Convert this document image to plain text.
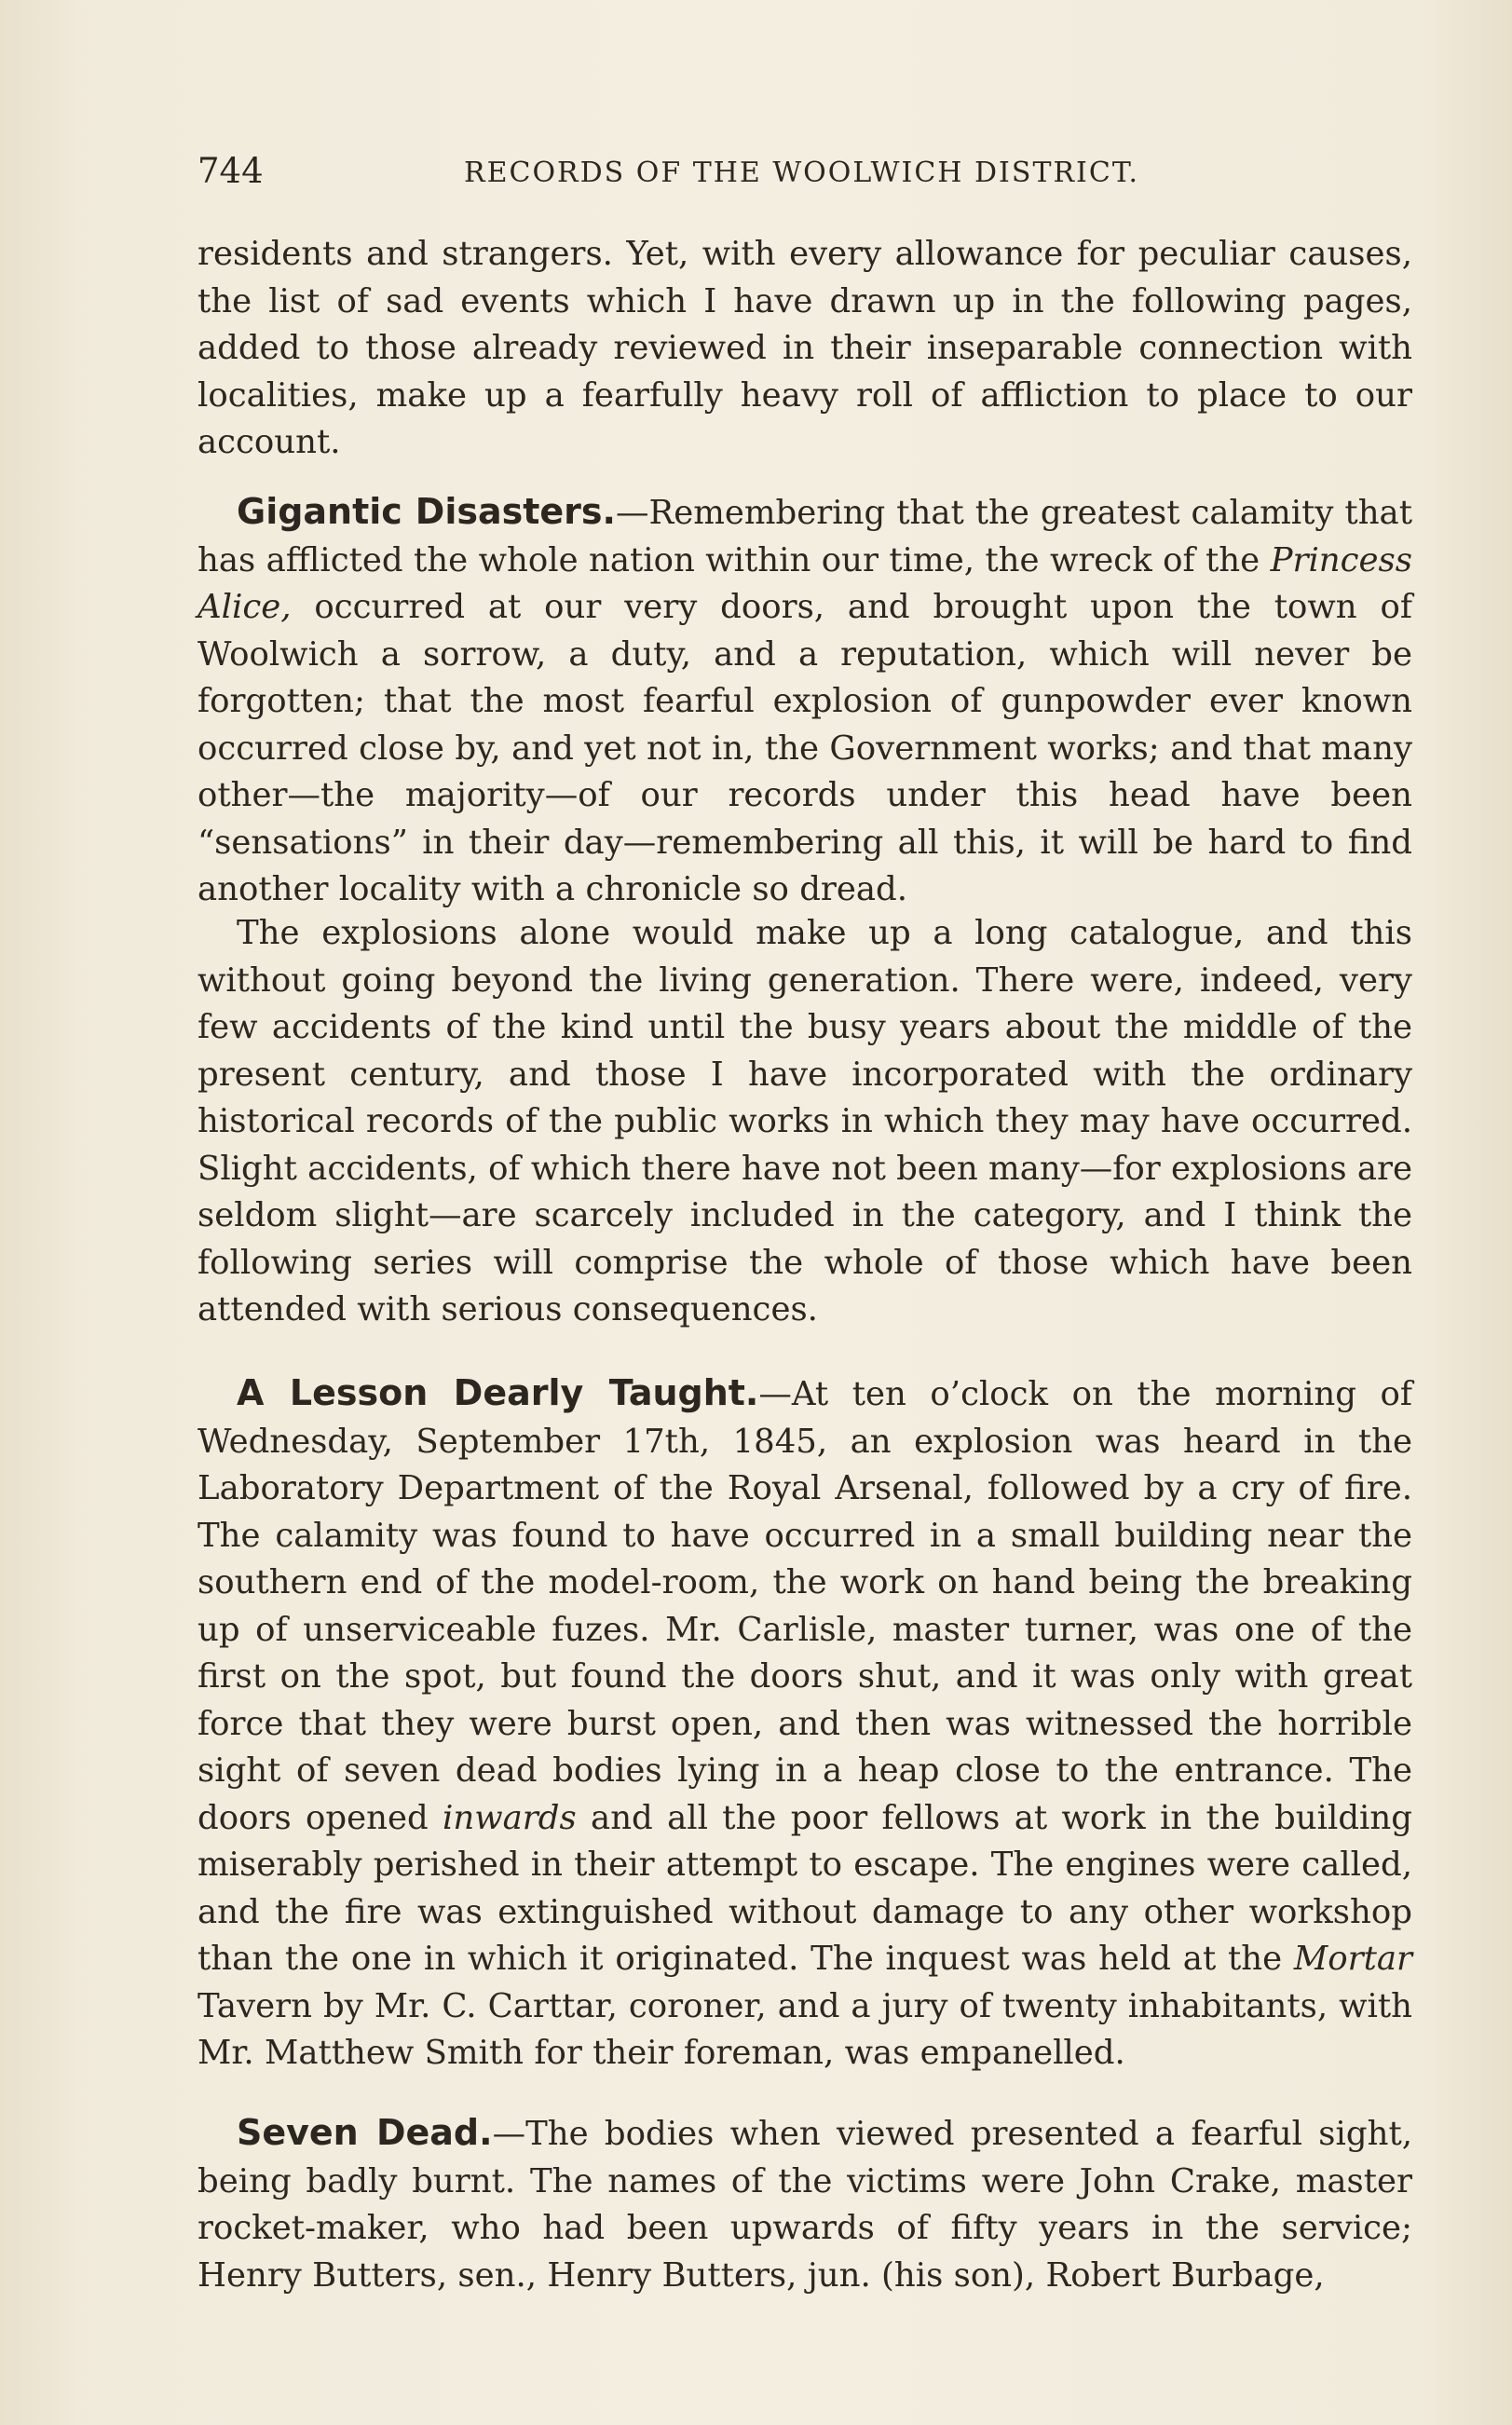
744	RECORDS OF THE WOOLWICH DISTRICT.

residents and strangers. Yet, with every allowance for peculiar causes, the list of sad events which I have drawn up in the following pages, added to those already reviewed in their inseparable connection with localities, make up a fearfully heavy roll of affliction to place to our account.

Gigantic Disasters.—Remembering that the greatest calamity that has afflicted the whole nation within our time, the wreck of the Princess Alice, occurred at our very doors, and brought upon the town of Woolwich a sorrow, a duty, and a reputation, which will never be forgotten; that the most fearful explosion of gunpowder ever known occurred close by, and yet not in, the Government works; and that many other—the majority—of our records under this head have been “sensations” in their day—remembering all this, it will be hard to find another locality with a chronicle so dread.

The explosions alone would make up a long catalogue, and this without going beyond the living generation. There were, indeed, very few accidents of the kind until the busy years about the middle of the present century, and those I have incorporated with the ordinary historical records of the public works in which they may have occurred. Slight accidents, of which there have not been many—for explosions are seldom slight—are scarcely included in the category, and I think the following series will comprise the whole of those which have been attended with serious consequences.

A Lesson Dearly Taught.—At ten o’clock on the morning of Wednesday, September 17th, 1845, an explosion was heard in the Laboratory Department of the Royal Arsenal, followed by a cry of fire. The calamity was found to have occurred in a small building near the southern end of the model-room, the work on hand being the breaking up of unserviceable fuzes. Mr. Carlisle, master turner, was one of the first on the spot, but found the doors shut, and it was only with great force that they were burst open, and then was witnessed the horrible sight of seven dead bodies lying in a heap close to the entrance. The doors opened inwards and all the poor fellows at work in the building miserably perished in their attempt to escape. The engines were called, and the fire was extinguished without damage to any other workshop than the one in which it originated. The inquest was held at the Mortar Tavern by Mr. C. Carttar, coroner, and a jury of twenty inhabitants, with Mr. Matthew Smith for their foreman, was empanelled.

Seven Dead.—The bodies when viewed presented a fearful sight, being badly burnt. The names of the victims were John Crake, master rocket-maker, who had been upwards of fifty years in the service; Henry Butters, sen., Henry Butters, jun. (his son), Robert Burbage,
